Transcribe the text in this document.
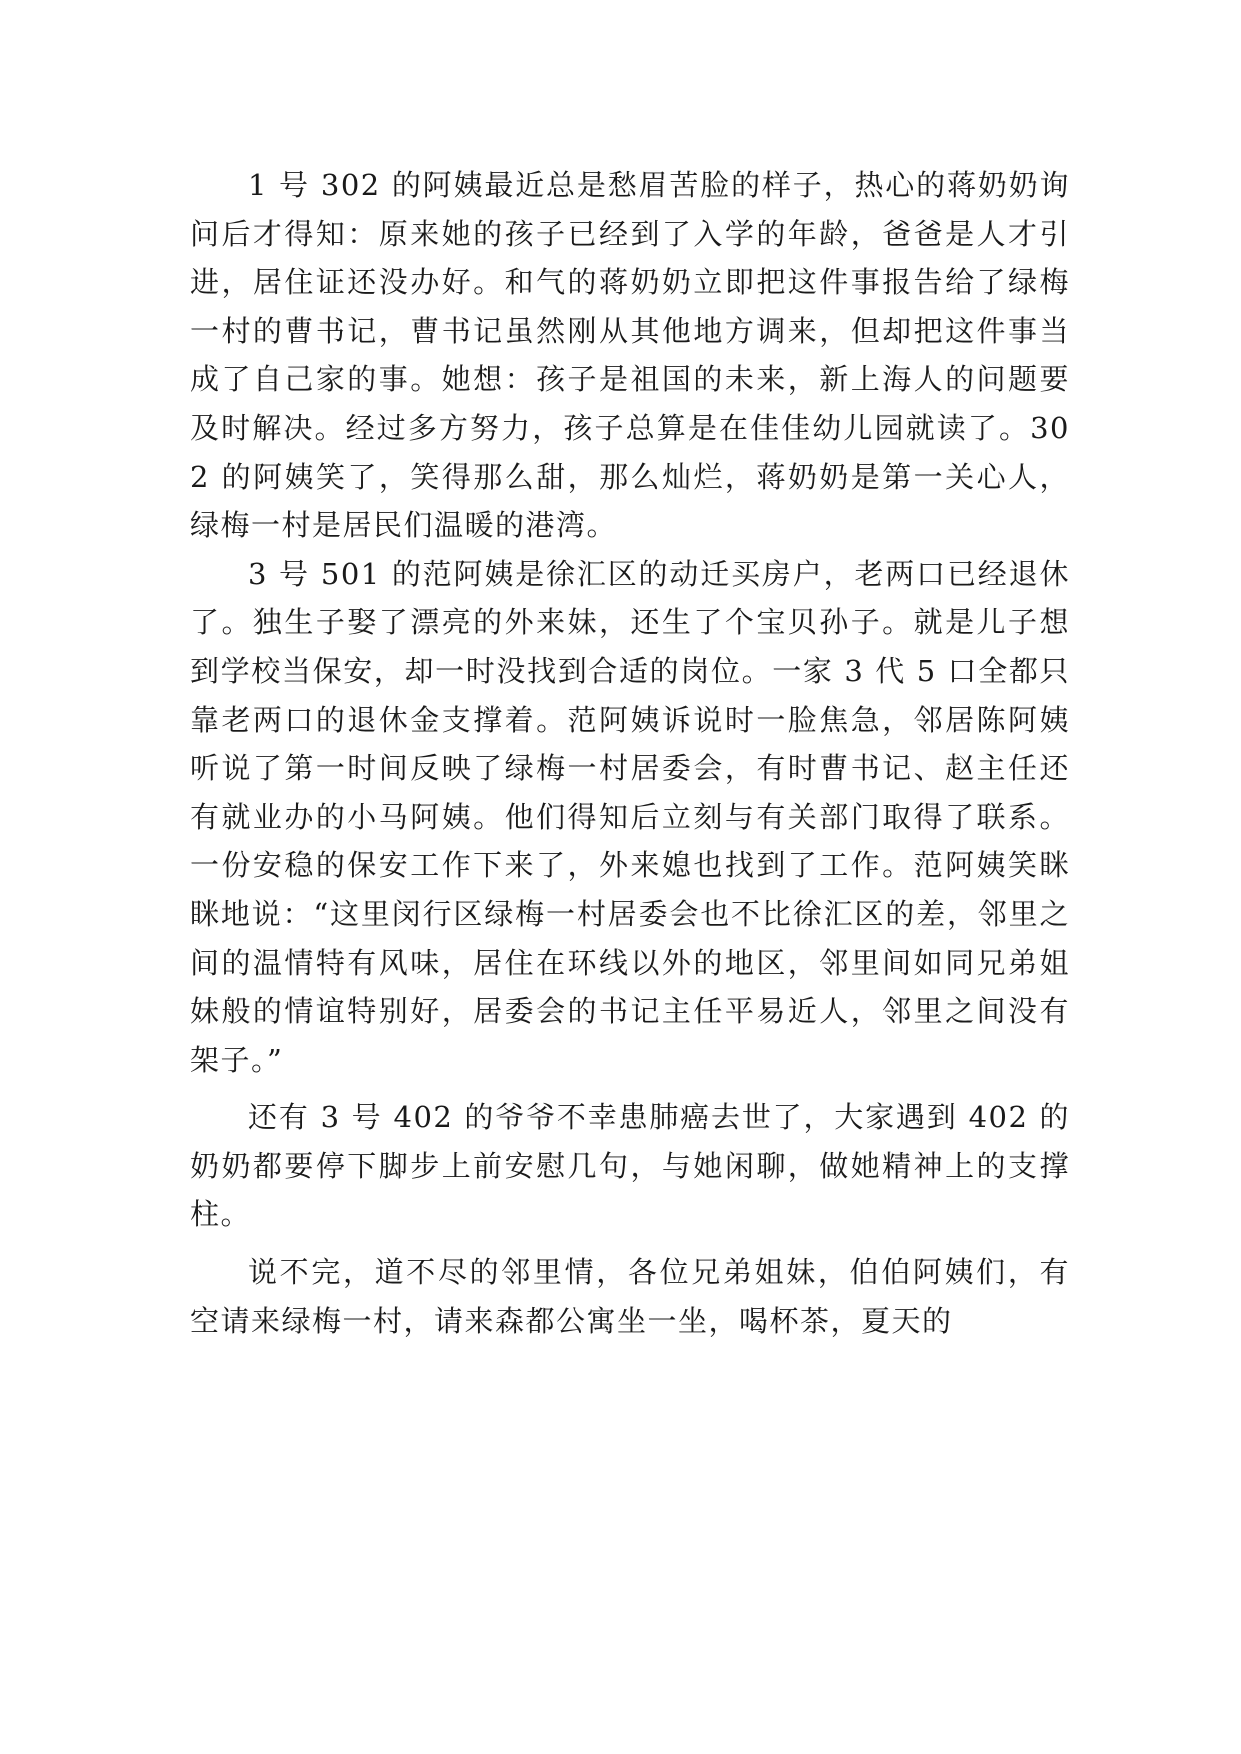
1 号 302 的阿姨最近总是愁眉苦脸的样子，热心的蒋奶奶询问后才得知：原来她的孩子已经到了入学的年龄，爸爸是人才引进，居住证还没办好。和气的蒋奶奶立即把这件事报告给了绿梅一村的曹书记，曹书记虽然刚从其他地方调来，但却把这件事当成了自己家的事。她想：孩子是祖国的未来，新上海人的问题要及时解决。经过多方努力，孩子总算是在佳佳幼儿园就读了。302 的阿姨笑了，笑得那么甜，那么灿烂，蒋奶奶是第一关心人，绿梅一村是居民们温暖的港湾。

3 号 501 的范阿姨是徐汇区的动迁买房户，老两口已经退休了。独生子娶了漂亮的外来妹，还生了个宝贝孙子。就是儿子想到学校当保安，却一时没找到合适的岗位。一家 3 代 5 口全都只靠老两口的退休金支撑着。范阿姨诉说时一脸焦急，邻居陈阿姨听说了第一时间反映了绿梅一村居委会，有时曹书记、赵主任还有就业办的小马阿姨。他们得知后立刻与有关部门取得了联系。一份安稳的保安工作下来了，外来媳也找到了工作。范阿姨笑眯眯地说：“这里闵行区绿梅一村居委会也不比徐汇区的差，邻里之间的温情特有风味，居住在环线以外的地区，邻里间如同兄弟姐妹般的情谊特别好，居委会的书记主任平易近人，邻里之间没有架子。”

还有 3 号 402 的爷爷不幸患肺癌去世了，大家遇到 402 的奶奶都要停下脚步上前安慰几句，与她闲聊，做她精神上的支撑柱。

说不完，道不尽的邻里情，各位兄弟姐妹，伯伯阿姨们，有空请来绿梅一村，请来森都公寓坐一坐，喝杯茶，夏天的
